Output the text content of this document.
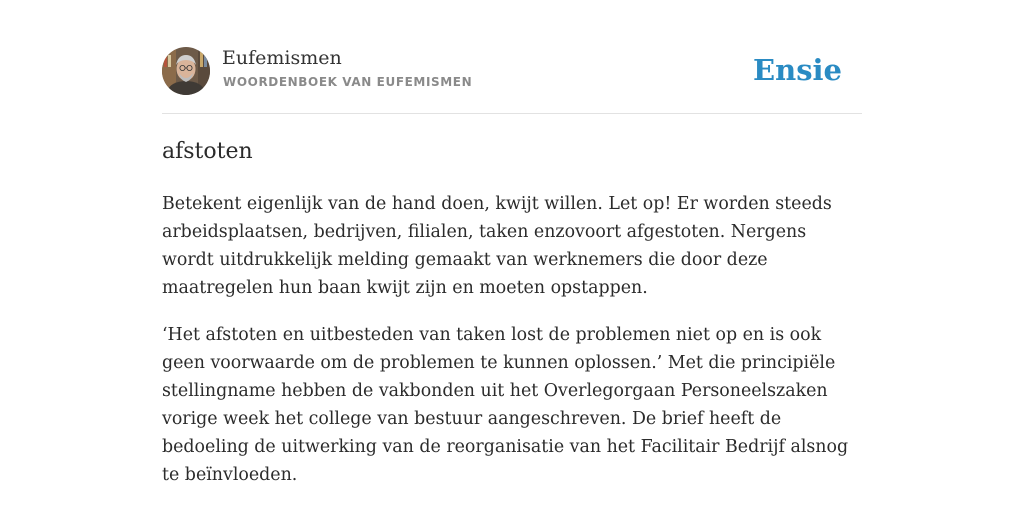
Eufemismen
WOORDENBOEK VAN EUFEMISMEN	Ensie
afstoten

Betekent eigenlijk van de hand doen, kwijt willen. Let op! Er worden steeds arbeidsplaatsen, bedrijven, filialen, taken enzovoort afgestoten. Nergens wordt uitdrukkelijk melding gemaakt van werknemers die door deze maatregelen hun baan kwijt zijn en moeten opstappen.

‘Het afstoten en uitbesteden van taken lost de problemen niet op en is ook geen voorwaarde om de problemen te kunnen oplossen.’ Met die principiële stellingname hebben de vakbonden uit het Overlegorgaan Personeelszaken vorige week het college van bestuur aangeschreven. De brief heeft de bedoeling de uitwerking van de reorganisatie van het Facilitair Bedrijf alsnog te beïnvloeden.
